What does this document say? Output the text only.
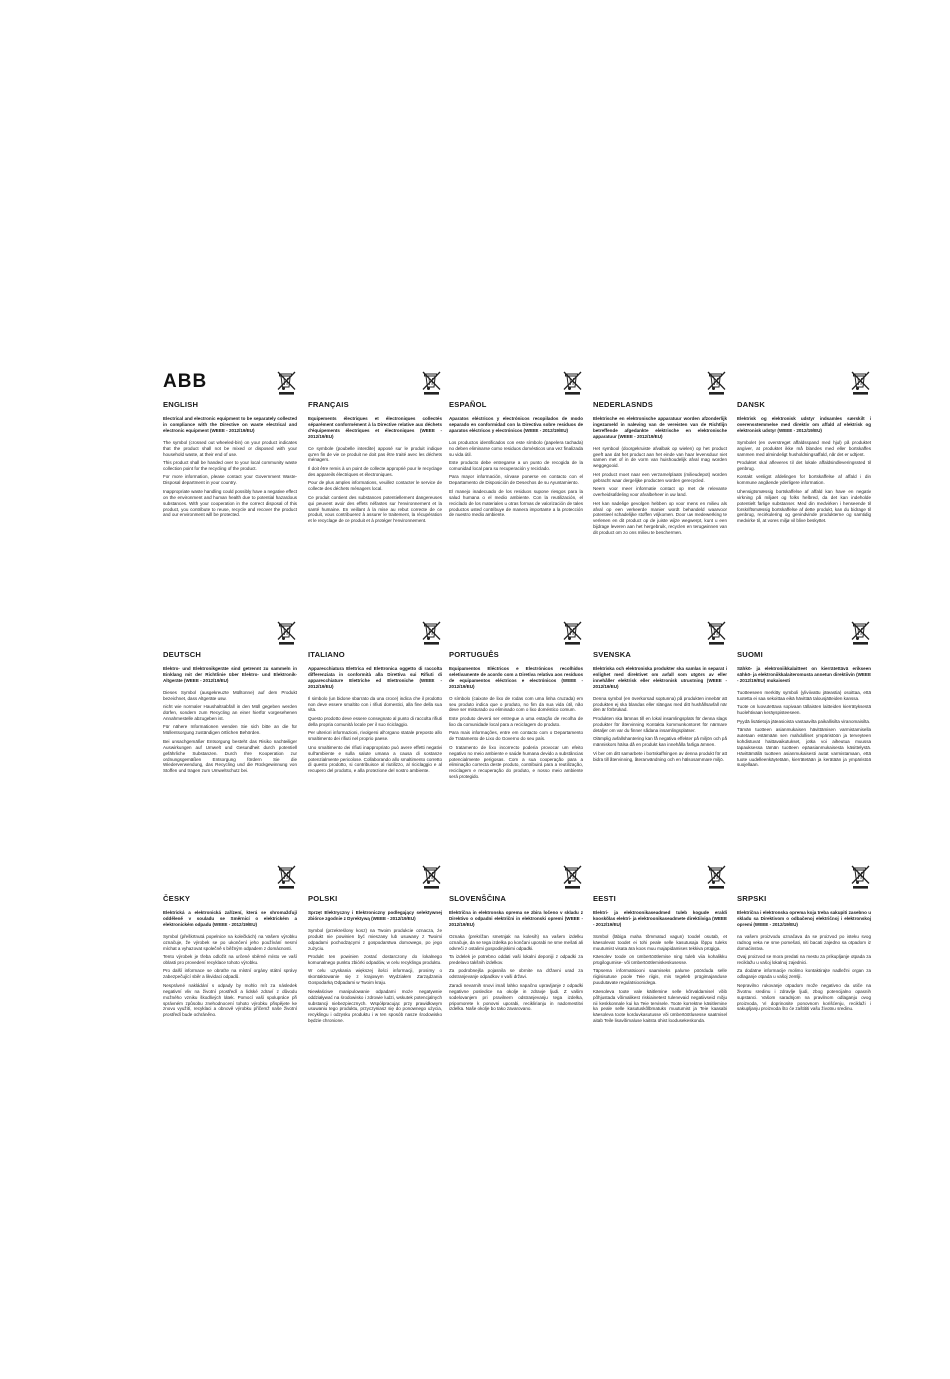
ABB
ENGLISH
Electrical and electronic equipment to be separately collected in compliance with the Directive on waste electrical and electronic equipment (WEEE - 2012/19/EU)
The symbol (crossed out wheeled-bin) on your product indicates that the product shall not be mixed or disposed with your household waste, at their end of use.
This product shall be handed over to your local community waste collection point for the recycling of the product.
For more information, please contact your Government Waste-Disposal department in your country.
Inappropriate waste handling could possibly have a negative effect on the environment and human health due to potential hazardous substances. With your cooperation in the correct disposal of this product, you contribute to reuse, recycle and recover the product and our environment will be protected.
FRANÇAIS
Equipements électriques et électroniques collectés séparément conformément à la Directive relative aux déchets d'équipements électriques et électroniques (WEEE - 2012/19/EU)
Ce symbole (poubelle interdite) apposé sur le produit indique qu'en fin de vie ce produit ne doit pas être traité avec les déchets ménagers.
Il doit être remis à un point de collecte approprié pour le recyclage des appareils électriques et électroniques.
Pour de plus amples informations, veuillez contacter le service de collecte des déchets ménagers local.
Ce produit contient des substances potentiellement dangereuses qui peuvent avoir des effets néfastes sur l'environnement et la santé humaine. En veillant à la mise au rebut correcte de ce produit, vous contribuerez à assurer le traitement, la récupération et le recyclage de ce produit et à protéger l'environnement.
ESPAÑOL
Aparatos eléctricos y electrónicos recopilados de modo separado en conformidad con la Directiva sobre residuos de aparatos eléctricos y electrónicos (WEEE - 2012/19/EU)
Los productos identificados con este símbolo (papelera tachada) no deben eliminarse como residuos domésticos una vez finalizada su vida útil.
Este producto debe entregarse a un punto de recogida de la comunidad local para su recuperación y reciclado.
Para mayor información, sírvase ponerse en contacto con el Departamento de Disposición de Desechos de su Ayuntamiento.
El manejo inadecuado de los residuos supone riesgos para la salud humana o el medio ambiente. Con la reutilización, el reciclado de los materiales u otras formas de valorización de tales productos usted contribuye de manera importante a la protección de nuestro medio ambiente.
NEDERLASNDS
Elektrische en elektronische apparatuur worden afzonderlijk ingezameld in naleving van de vereisten van de Richtlijn betreffende afgedankte elektrische en elektronische apparatuur (WEEE - 2012/19/EU)
Het symbool (doorgekruiste afvalbak op wielen) op het product geeft aan dat het product aan het einde van haar levensduur niet samen met of in de vorm van huishoudelijk afval mag worden weggegooid.
Het product moet naar een verzamelplaats (milieudepot) worden gebracht waar dergelijke producten worden gerecycled.
Neem voor meer informatie contact op met de relevante overheidsafdeling voor afvalbeheer in uw land.
Het kan nadelige gevolgen hebben op voor mens en milieu als afval op een verkeerde manier wordt behandeld waarvoor potentieel schadelijke stoffen vrijkomen. Door uw medewerking te verlenen en dit product op de juiste wijze wegwerpt, kunt u een bijdrage leveren aan het hergebruik, recyclen en terugwinnen van dit product om zo ons milieu te beschermen.
DANSK
Elektrisk og elektronisk udstyr indsamles særskilt i overensstemmelse med direktiv om affald af elektrisk og elektronisk udstyr (WEEE - 2012/19/EU)
Symbolet (en overstreget affaldsspand med hjul) på produktet angiver, at produktet ikke må blandes med eller bortskaffes sammen med almindeligt husholdningsaffald, når det er udtjent.
Produktet skal afleveres til det lokale affaldsindleveringssted til genbrug.
Kontakt venligst afdelingen for bortskaffelse af affald i din kommune angående yderligere information.
Uhensigtsmæssig bortskaffelse af affald kan have en negativ virkning på miljøet og folks helbred, da det kan indeholde potentielt farlige substanser. Med din medvirken i henseende til forskriftsmæssig bortskaffelse af dette produkt, kan du bidrage til genbrug, recirkulering og genindvinde produkterne og samtidig medvirke til, at vores miljø vil blive beskyttet.
DEUTSCH
Elektro- und Elektronikgeräte sind getrennt zu sammeln in Einklang mit der Richtlinie über Elektro- und Elektronik-Altgeräte (WEEE - 2012/19/EU)
Dieses Symbol (ausgekreuzte Mülltonne) auf dem Produkt bezeichnet, dass Altgeräte usw.
nicht wie normaler Haushaltsabfall in den Müll gegeben werden dürfen, sondern zum Recycling an einer hierfür vorgesehenen Annahmestelle abzugeben ist.
Für nähere Informationen wenden Sie sich bitte an die für Müllentsorgung zuständigen örtlichen Behörden.
Bei unsachgemäßer Entsorgung besteht das Risiko nachteiliger Auswirkungen auf Umwelt und Gesundheit durch potentiell gefährliche Substanzen. Durch Ihre Kooperation zur ordnungsgemäßen Entsorgung fördern Sie die Wiederverwendung, das Recycling und die Rückgewinnung von Stoffen und tragen zum Umweltschutz bei.
ITALIANO
Apparecchiatura Elettrica ed Elettronica oggetto di raccolta differenziata in conformità alla Direttiva sui Rifiuti di apparecchiature Elettriche ed Elettroniche (WEEE - 2012/19/EU)
Il simbolo (un bidone sbarrato da una croce) indica che il prodotto non deve essere smaltito con i rifiuti domestici, alla fine della sua vita.
Questo prodotto deve essere consegnato al punto di raccolta rifiuti della propria comunità locale per il suo riciclaggio.
Per ulteriori informazioni, rivolgersi all'organo statale preposto allo smaltimento dei rifiuti nel proprio paese.
Uno smaltimento dei rifiuti inappropriato può avere effetti negativi sull'ambiente e sulla salute umana a causa di sostanze potenzialmente pericolose. Collaborando allo smaltimento corretto di questo prodotto, si contribuisce al riutilizzo, al riciclaggio e al recupero del prodotto, e alla protezione del nostro ambiente.
PORTUGUÊS
Equipamentos Eléctricos e Electrónicos recolhidos seletivamente de acordo com a Diretiva relativa aos resíduos de equipamentos eléctricos e electrónicos (WEEE - 2012/19/EU)
O símbolo (caixote de lixo de rodas com uma linha cruzada) em seu produto indica que o produto, no fim da sua vida útil, não deve ser misturado ou eliminado com o lixo doméstico comum.
Este produto deverá ser entregue a uma estação de recolha de lixo da comunidade local para a reciclagem do produto.
Para mais informações, entre em contacto com o Departamento de Tratamento de Lixo do Governo do seu país.
O tratamento de lixo incorrecto poderia provocar um efeito negativo no meio ambiente e saúde humana devido a substâncias potencialmente perigosas. Com a sua cooperação para a eliminação correcta deste produto, contribuirá para a reutilização, reciclagem e recuperação do produto, e nosso meio ambiente será protegido.
SVENSKA
Elektriska och elektroniska produkter ska samlas in separat i enlighet med direktivet om avfall som utgörs av eller innehåller elektrisk eller elektronisk utrustning (WEEE - 2012/19/EU)
Denna symbol (en överkorsad soptunna) på produkten innebär att produkten ej ska blandas eller slängas med ditt hushållsavfall när den är förbrukad.
Produkten ska lämnas till en lokal insamlingsplats för denna slags produkter för återvinning Kontakta kommunkontoret för närmare detaljer om var du finner sådana insamlingsplatser.
Olämplig avfallshantering kan få negativa effekter på miljön och på människors hälsa då en produkt kan innehålla farliga ämnen.
Vi ber om ditt samarbete i bortskaffningen av denna produkt för att bidra till återvinning, återanvändning och en hälsosammare miljö.
SUOMI
Sähkö- ja elektroniikkalaitteet on kierrätettävä erikseen sähkö- ja elektroniikkalaiteromusta annetun direktiivin (WEEE - 2012/19/EU) mukaisesti
Tuotteeseen merkitty symboli (yliviivattu jäteastia) osoittaa, että tuotetta ei saa sekoittaa eikä hävittää talousjätteiden kanssa.
Tuote on luovutettava sopivaan tällaisten laitteiden kierrätyksestä huolehtivaan keräyspisteeseen.
Pyydä lisätietoja jäteasioista vastaavilta paikallisilta viranomaisilta.
Tämän tuotteen asianmukaisen hävittämisen varmistamisella autetaan estämään sen mahdolliset ympäristöön ja terveyteen kohdistuvat haittavaikutukset, jotka voi aiheutua muussa tapauksessa tämän tuotteen epäasianmukaisesta käsittelystä. Hävittämällä tuotteen asianmukaisesti autat varmistamaan, että tuote uudelleenkäytetään, kierrätetään ja kerätään ja ympäristöä suojellaan.
ČESKY
Elektrická a elektronická zařízení, která se shromažďují odděleně v souladu se Směrnicí o elektrickém a elektronickém odpadu (WEEE - 2012/19/EU)
Symbol (přeškrtnutá popelnice na kolečkách) na Vašem výrobku označuje, že výrobek se po ukončení jeho používání nesmí míchat a vyhazovat společně s běžným odpadem z domácnosti.
Tento výrobek je třeba odložit na určené sběrné místo ve vaší oblasti pro provedení recyklace tohoto výrobku.
Pro další informace se obraťte na místní orgány státní správy zabezpečující sběr a likvidaci odpadů.
Nesprávné nakládání s odpady by mohlo mít za následek negativní vliv na životní prostředí a lidské zdraví z důvodu možného vzniku škodlivých látek. Pomocí vaší spolupráce při správném způsobu znehodnocení tohoto výrobku přispějete ke znovu využití, recyklaci a obnově výrobku přičemž naše životní prostředí bude ochráněno.
POLSKI
Sprzęt Elektryczny i Elektroniczny podlegający selektywnej zbiórce zgodnie z Dyrektywą (WEEE - 2012/19/EU)
Symbol (przekreślony kosz) na Twoim produkcie oznacza, że produkt nie powinien być mieszany lub usuwany z Twoimi odpadami pochodzącymi z gospodarstwa domowego, po jego zużyciu.
Produkt ten powinien zostać dostarczony do lokalnego komunalnego punktu zbiórki odpadów, w celu recyklingu produktu.
W celu uzyskania większej ilości informacji, prosimy o skontaktowanie się z krajowym Wydziałem Zarządzania Gospodarką Odpadami w Twoim kraju.
Niewłaściwe manipulowanie odpadami może negatywnie oddziaływać na środowisko i zdrowie ludzi, wskutek potencjalnych substancji niebezpiecznych. Współpracując przy prawidłowym usuwaniu tego produktu, przyczyniasz się do ponownego użycia, recyklingu i odzysku produktu i w ten sposób nasze środowisko będzie chronione.
SLOVENŠČINA
Električna in elektronska oprema se zbira ločeno v skladu z Direktivo o odpadni električni in elektronski opremi (WEEE - 2012/19/EU)
Oznaka (prekrižan smetnjak na kolesih) na vašem izdelku označuje, da se tega izdelka po končani uporabi ne sme mešati ali odvreči z ostalimi gospodinjskimi odpadki.
Ta izdelek je potrebno oddati vaši lokalni deponiji z odpadki za predelavo takšnih izdelkov.
Za podrobnejša pojasnila se obrnite na državni urad za odstranjevanje odpadkov v vaši državi.
Zaradi nevarnih snovi imaš lahko napačno upravljanje z odpadki negativne posledice na okolje in zdravje ljudi. Z vašim sodelovanjem pri pravilnem odstranjevanju tega izdelka, pripomorete k ponovni uporabi, reciklirianju in nadomestitvi izdelka. Naše okolje bo tako zavarovano.
EESTI
Elektri- ja elektroonikaseadmed tuleb kogude eraldi kooskõlas elektri- ja elektroonikaseadmete direktiiviga (WEEE - 2012/19/EU)
Sümbol (läbiga maha tõmmatud vagun) toodel osutab, et käesolevat toodet ei tohi peale selle kasutusaja lõppu tuleks muutumist visata ära koos muu majapidamises tekkiva prügiga.
Käesolev toode on ümbertöötlemise ning tuleb viia kohalikku prügilogumise- või ümbertöötlemiskeskusesse.
Täpsema informatsiooni saamiseks palume pöörduda selle riigisisutuse poole Teie riigis, mis tegeleb prügimajanduse puudutavate regulatsioonidega.
Käesoleva toote vale käitlemine selle kõrvaldamisel võib põhjustada võimalikest riskiainetest tulenevaid negatiivseid mõju nii keskkonnale kui ka Teie tervisele. Toote korrektne käsitlemine ka peale selle kasutuskõlbmatuks muutumist ja Teie kaasabi käesoleva toote korduvkasutusse või ümbertöötlusesse saatmisel aitab Teile lisavõimaluse kaitsta ühist loodusekeskonda.
SRPSKI
Električna i elektronska oprema koja treba sakupiti zasebno u skladu sa Direktivom o odbačenoj električnoj i elektronskoj opremi (WEEE - 2012/19/EU)
na vašem proizvodu označava da se proizvod po isteku svog radnog veka ne sme pomešati, niti bacati zajedno sa otpadom iz domaćinstva.
Ovaj proizvod se mora predati na mestu za prikupljanje otpada za reciklažu u vašoj lokalnoj zajednici.
Za dodatne informacije molimo kontaktirajte nadležni organ za odlaganje otpada u vašoj zemlji.
Nepravilno rukovanje otpadom može negativno da utiče na životnu sredinu i zdravlje ljudi, zbog potencijalno opasnih supstanci. Vašom saradnjom na pravilnom odlaganju ovog proizvoda, Vi doprinosite ponovnom korišćenju, reciklaži i sakupljanju proizvoda što će zaštititi vašu životnu sredinu.
